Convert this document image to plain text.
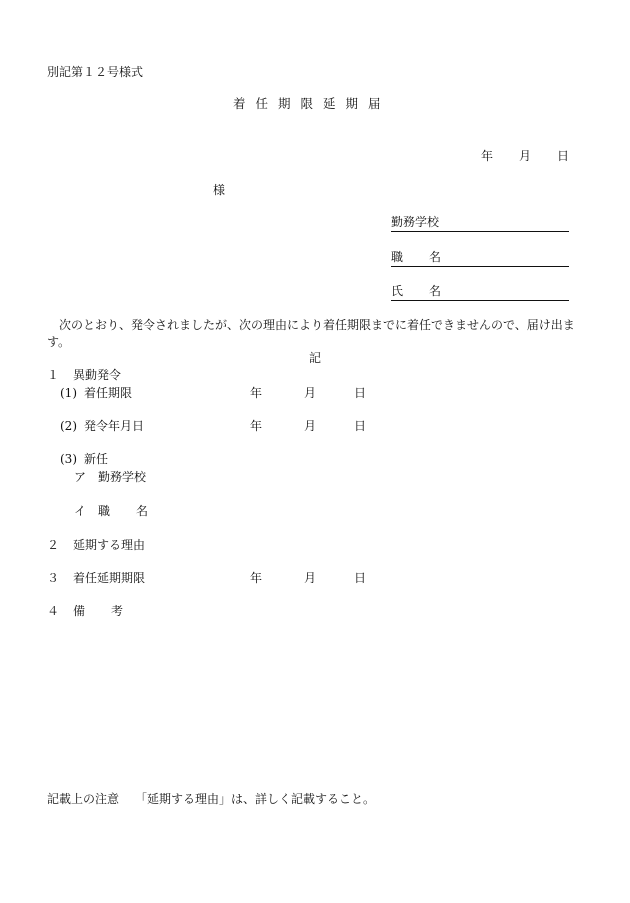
別記第１２号様式
着任期限延期届
年 月 日
様
勤務学校
職名
氏名
次のとおり、発令されましたが、次の理由により着任期限までに着任できませんので、届け出ます。
記
１ 異動発令
(1) 着任期限	年	月	日
(2) 発令年月日	年	月	日
(3) 新任
ア 勤務学校
イ 職名
２ 延期する理由
３ 着任延期期限	年	月	日
４ 備考
記載上の注意 「延期する理由」は、詳しく記載すること。
